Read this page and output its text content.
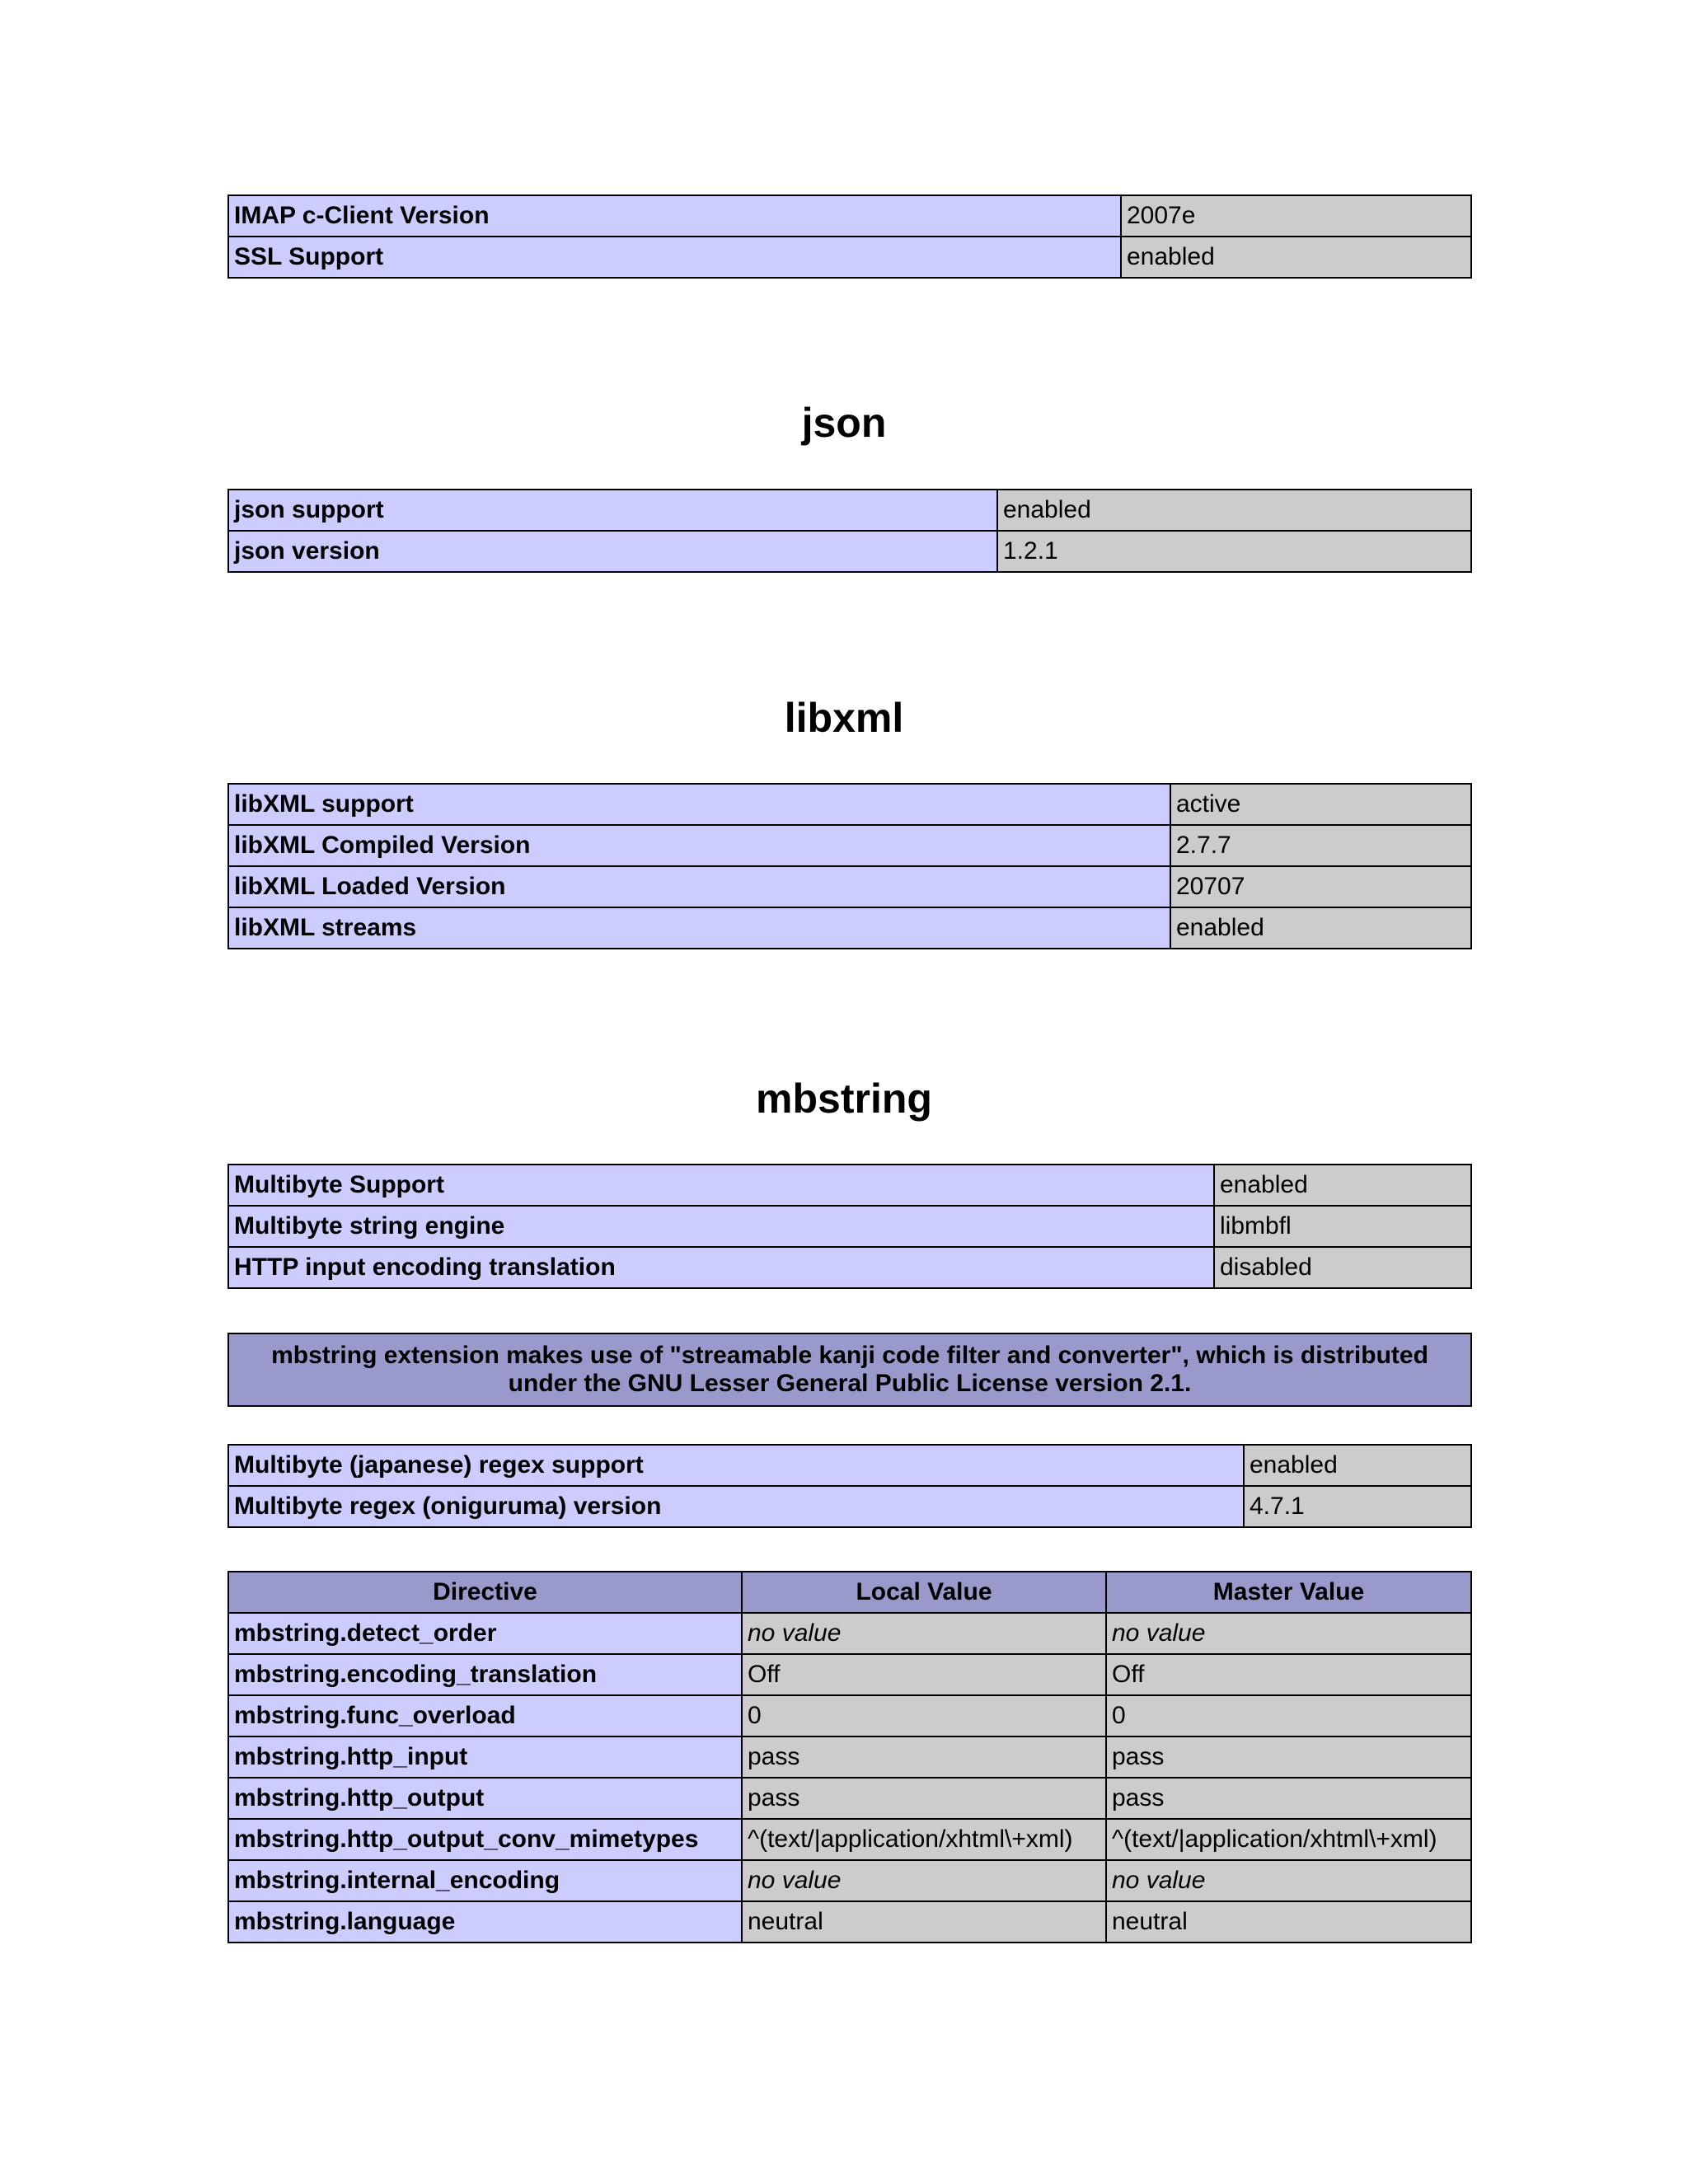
IMAP c-Client Version	2007e
SSL Support	enabled
json
json support	enabled
json version	1.2.1
libxml
libXML support	active
libXML Compiled Version	2.7.7
libXML Loaded Version	20707
libXML streams	enabled
mbstring
Multibyte Support	enabled
Multibyte string engine	libmbfl
HTTP input encoding translation	disabled
mbstring extension makes use of "streamable kanji code filter and converter", which is distributed under the GNU Lesser General Public License version 2.1.
Multibyte (japanese) regex support	enabled
Multibyte regex (oniguruma) version	4.7.1
Directive	Local Value	Master Value
mbstring.detect_order	no value	no value
mbstring.encoding_translation	Off	Off
mbstring.func_overload	0	0
mbstring.http_input	pass	pass
mbstring.http_output	pass	pass
mbstring.http_output_conv_mimetypes	^(text/|application/xhtml\+xml)	^(text/|application/xhtml\+xml)
mbstring.internal_encoding	no value	no value
mbstring.language	neutral	neutral
